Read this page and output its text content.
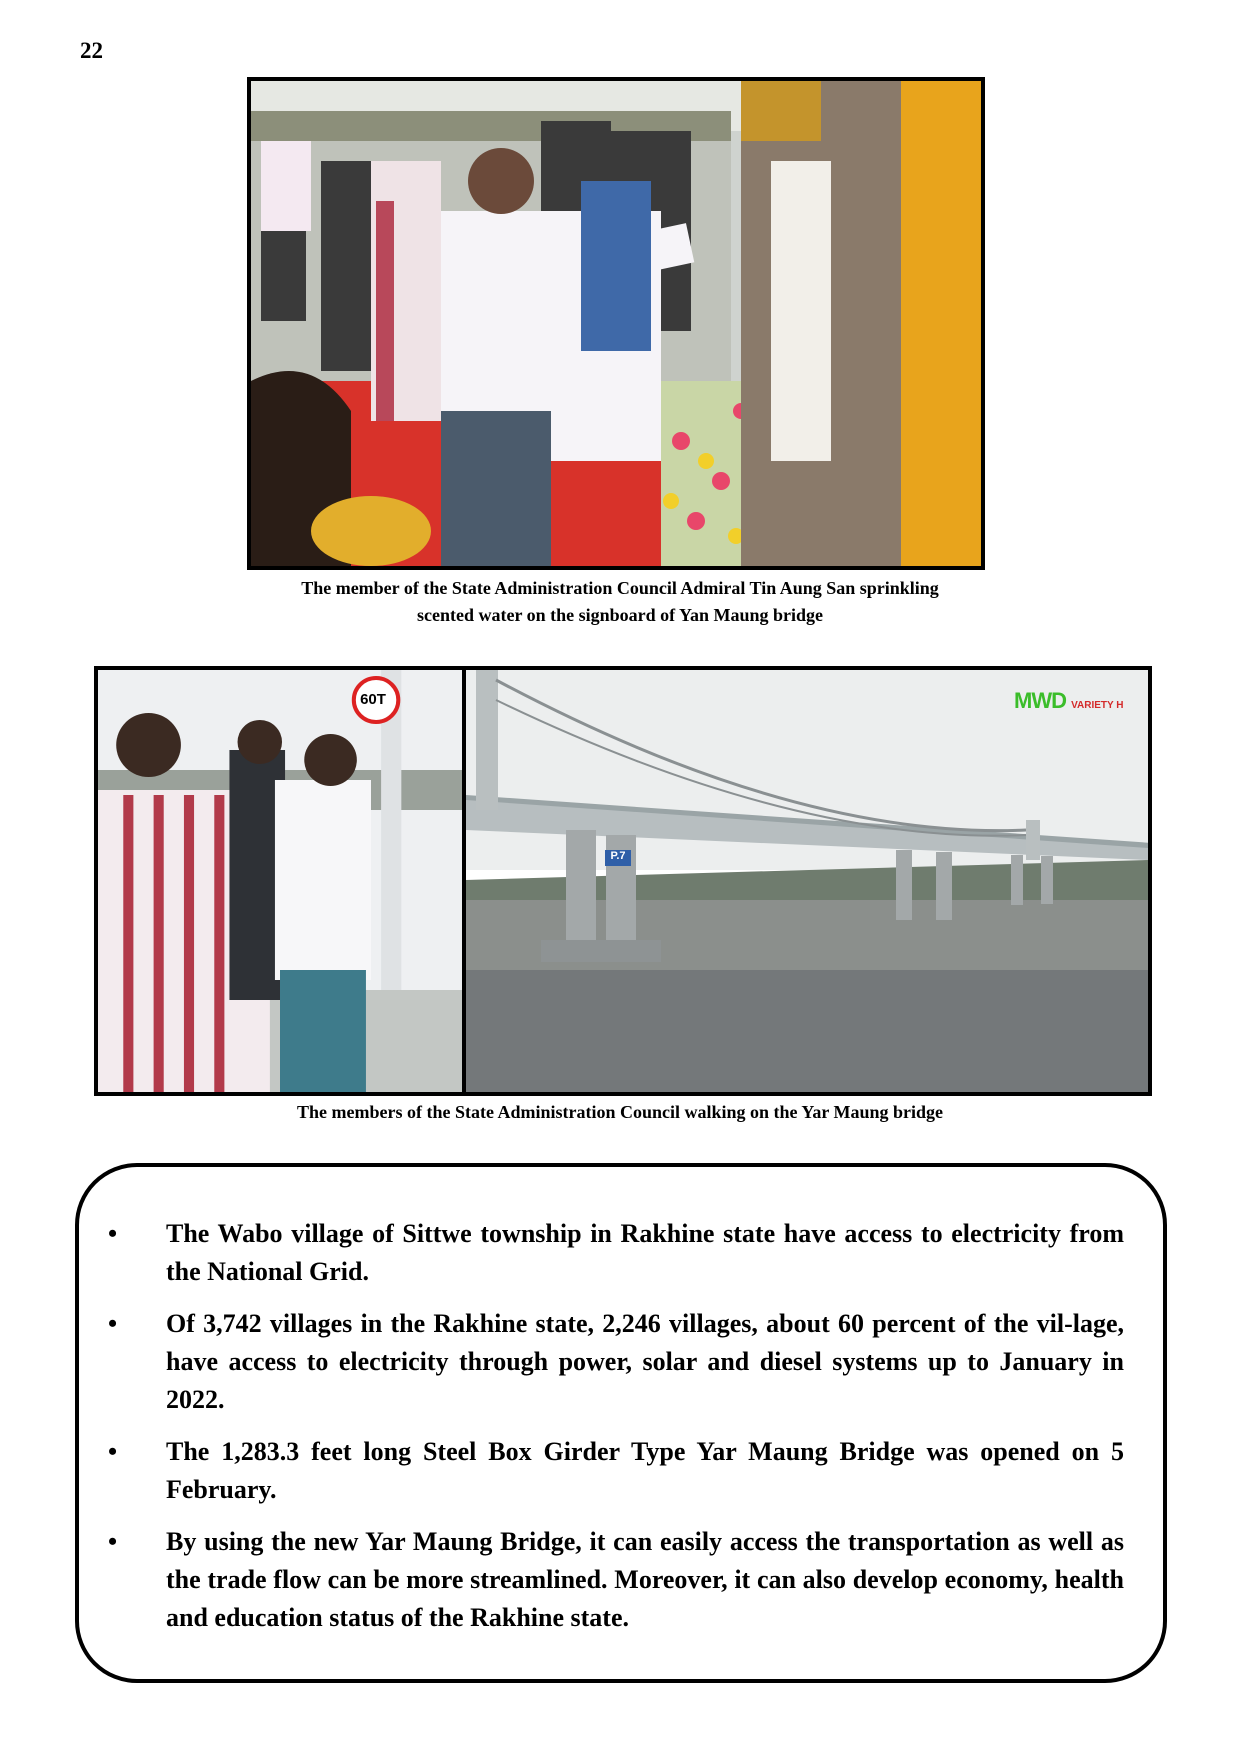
22
The member of the State Administration Council Admiral Tin Aung San sprinkling
scented water on the signboard of Yan Maung bridge
60T
P.7
MWD VARIETY H
The members of the State Administration Council walking on the Yar Maung bridge
• The Wabo village of Sittwe township in Rakhine state have access to electricity from the National Grid.
• Of 3,742 villages in the Rakhine state, 2,246 villages, about 60 percent of the vil-lage, have access to electricity through power, solar and diesel systems up to January in 2022.
• The 1,283.3 feet long Steel Box Girder Type Yar Maung Bridge was opened on 5 February.
• By using the new Yar Maung Bridge, it can easily access the transportation as well as the trade flow can be more streamlined. Moreover, it can also develop economy, health and education status of the Rakhine state.
